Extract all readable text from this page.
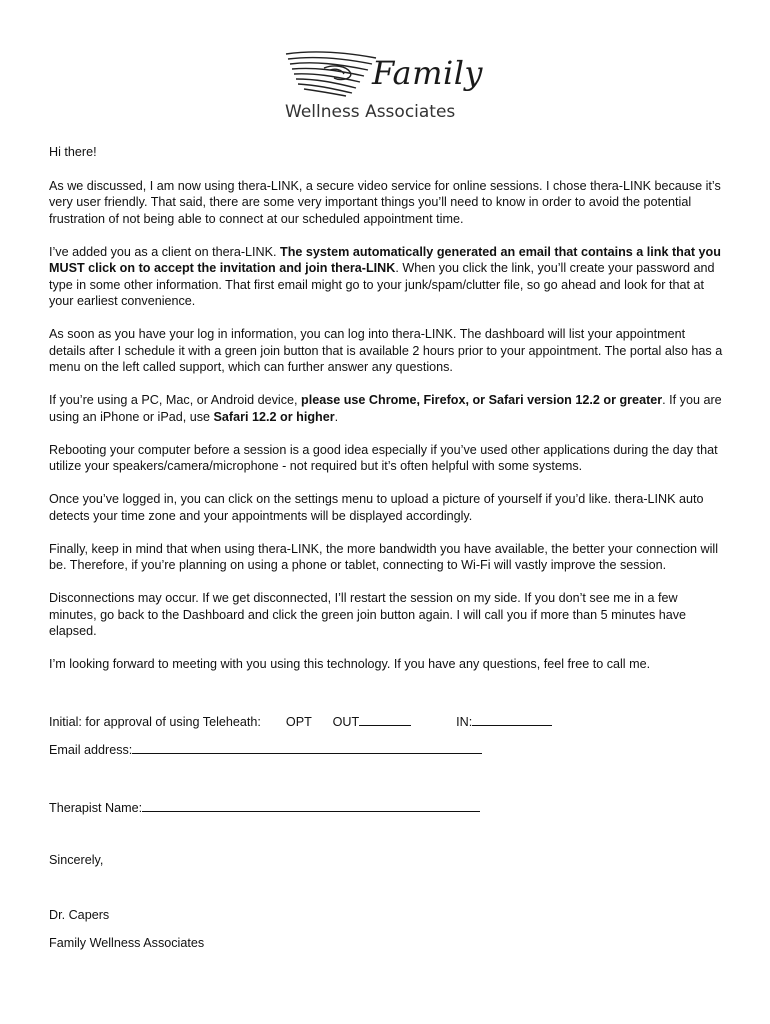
Family
Wellness Associates

Hi there!

As we discussed, I am now using thera-LINK, a secure video service for online sessions. I chose thera-LINK because it’s very user friendly. That said, there are some very important things you’ll need to know in order to avoid the potential frustration of not being able to connect at our scheduled appointment time.

I’ve added you as a client on thera-LINK. The system automatically generated an email that contains a link that you MUST click on to accept the invitation and join thera-LINK. When you click the link, you’ll create your password and type in some other information. That first email might go to your junk/spam/clutter file, so go ahead and look for that at your earliest convenience.

As soon as you have your log in information, you can log into thera-LINK. The dashboard will list your appointment details after I schedule it with a green join button that is available 2 hours prior to your appointment. The portal also has a menu on the left called support, which can further answer any questions.

If you’re using a PC, Mac, or Android device, please use Chrome, Firefox, or Safari version 12.2 or greater. If you are using an iPhone or iPad, use Safari 12.2 or higher.

Rebooting your computer before a session is a good idea especially if you’ve used other applications during the day that utilize your speakers/camera/microphone - not required but it’s often helpful with some systems.

Once you’ve logged in, you can click on the settings menu to upload a picture of yourself if you’d like. thera-LINK auto detects your time zone and your appointments will be displayed accordingly.

Finally, keep in mind that when using thera-LINK, the more bandwidth you have available, the better your connection will be. Therefore, if you’re planning on using a phone or tablet, connecting to Wi-Fi will vastly improve the session.

Disconnections may occur. If we get disconnected, I’ll restart the session on my side. If you don’t see me in a few minutes, go back to the Dashboard and click the green join button again. I will call you if more than 5 minutes have elapsed.

I’m looking forward to meeting with you using this technology. If you have any questions, feel free to call me.

Initial: for approval of using Teleheath: OPT OUT	IN:
Email address:
Therapist Name:
Sincerely,
Dr. Capers
Family Wellness Associates
